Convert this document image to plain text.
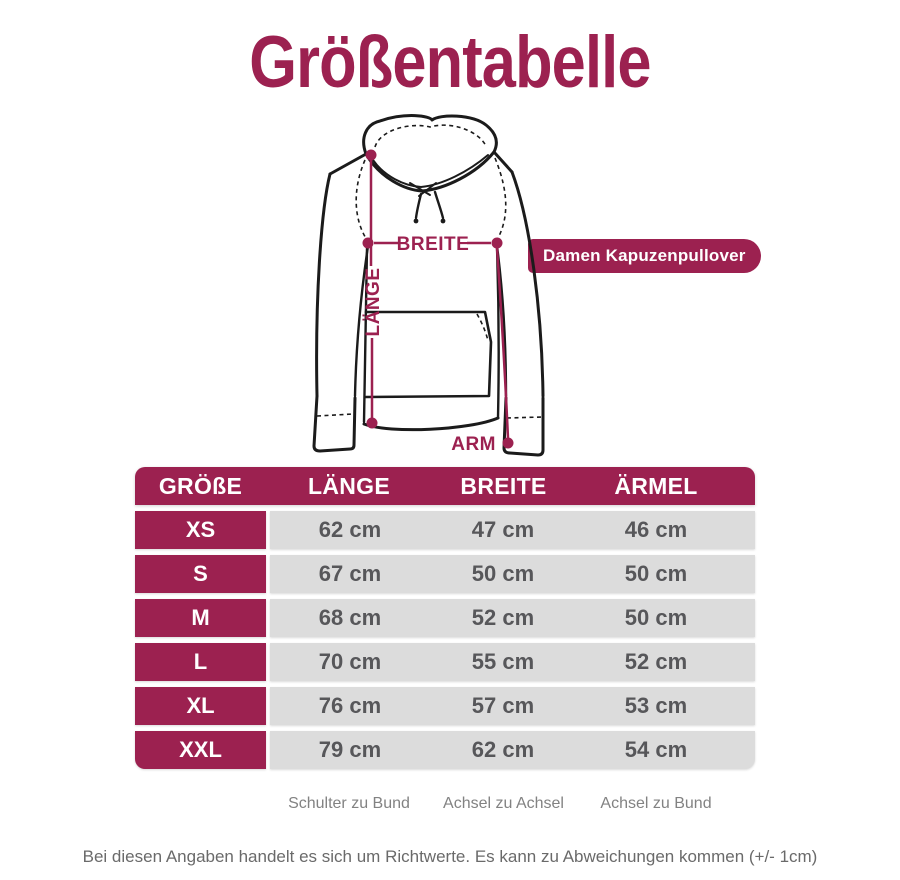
Größentabelle
Damen Kapuzenpullover
BREITE
LÄNGE
ARM
GRÖßE	LÄNGE	BREITE	ÄRMEL
XS	62 cm	47 cm	46 cm
S	67 cm	50 cm	50 cm
M	68 cm	52 cm	50 cm
L	70 cm	55 cm	52 cm
XL	76 cm	57 cm	53 cm
XXL	79 cm	62 cm	54 cm
Schulter zu Bund	Achsel zu Achsel	Achsel zu Bund
Bei diesen Angaben handelt es sich um Richtwerte. Es kann zu Abweichungen kommen (+/- 1cm)
